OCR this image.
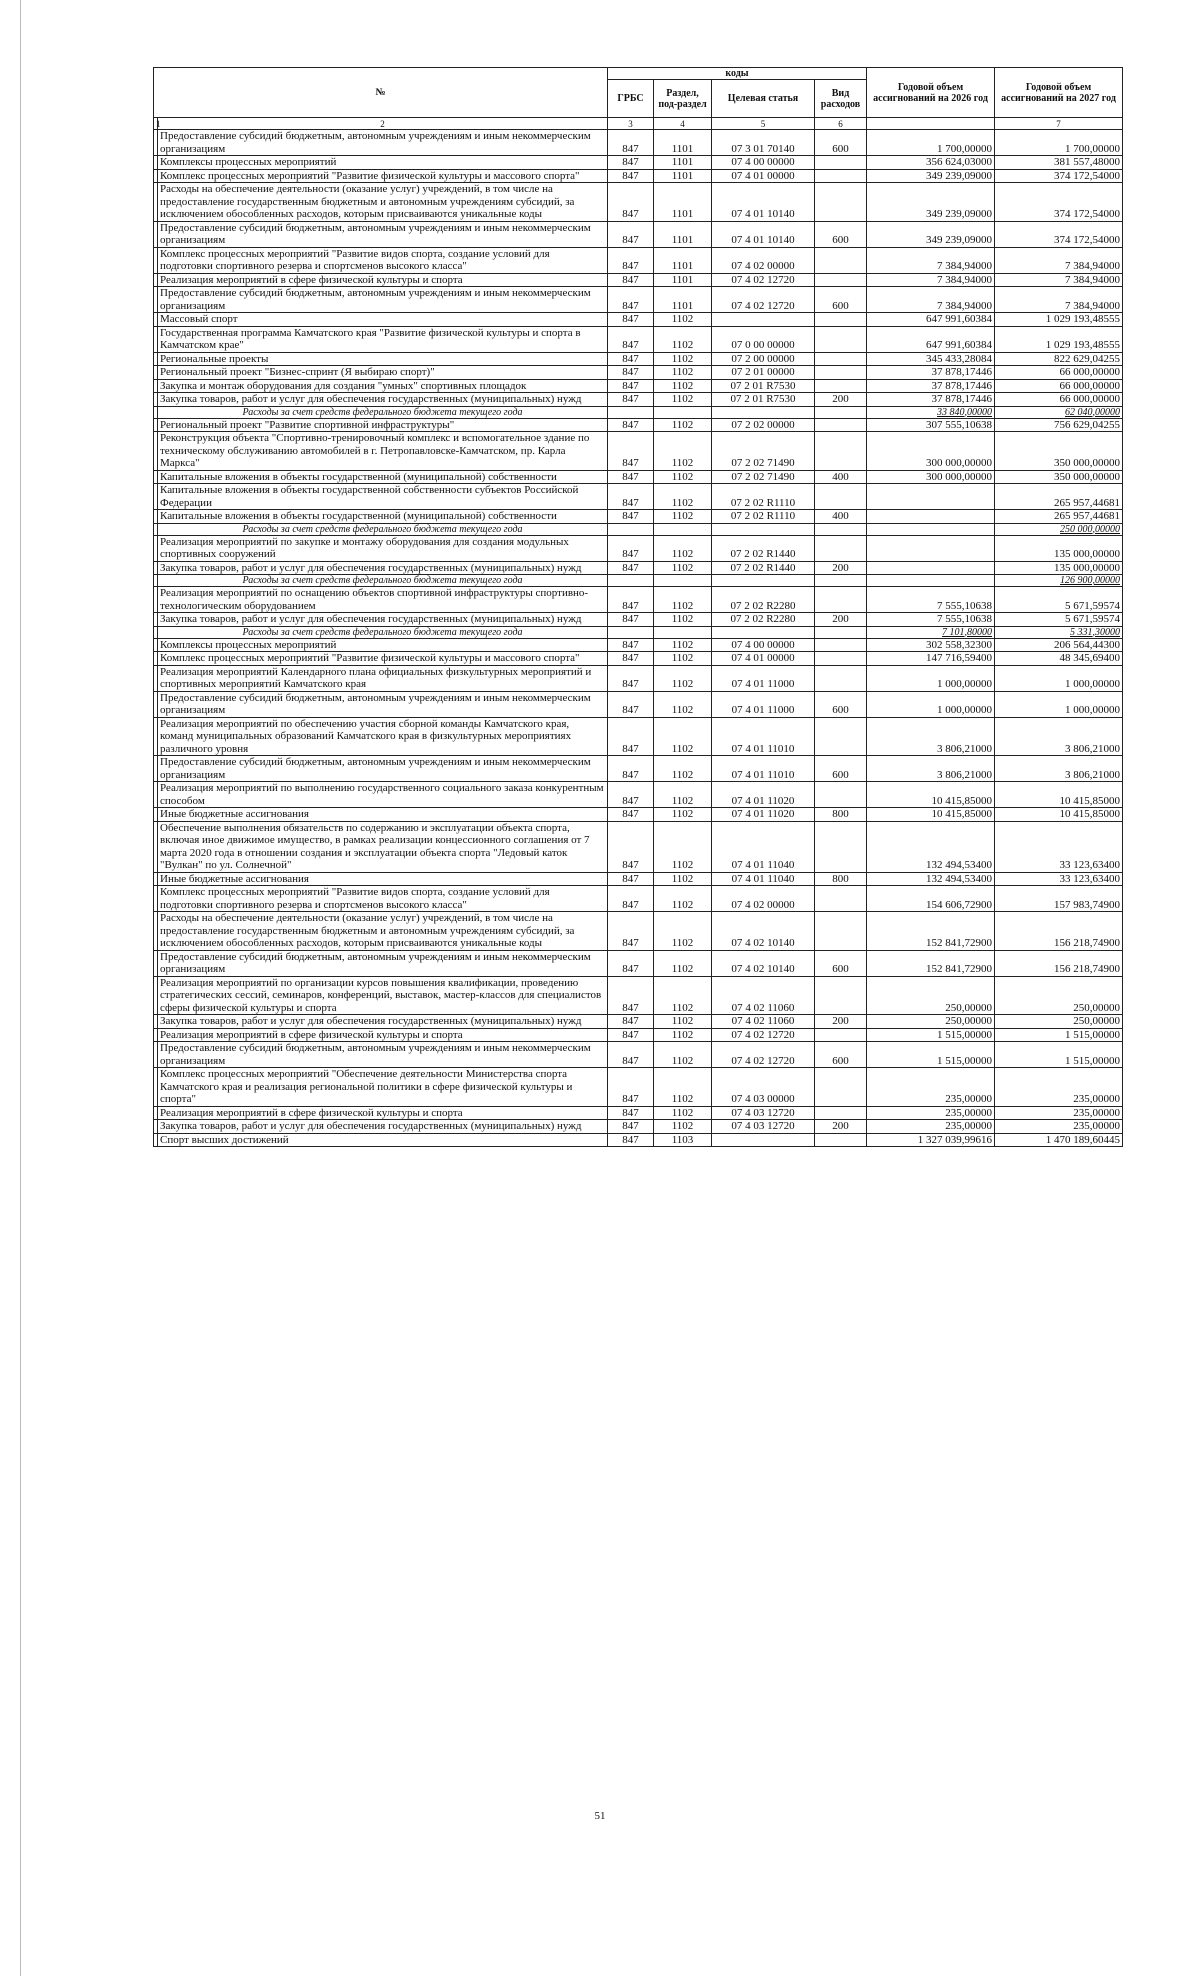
№		коды				Годовой объем ассигнований на 2026 год	Годовой объем ассигнований на 2027 год
		ГРБС	Раздел, под-раздел	Целевая статья	Вид расходов		
1	2	3	4	5	6		7
	Предоставление субсидий бюджетным, автономным учреждениям и иным некоммерческим организациям	847	1101	07 3 01 70140	600	1 700,00000	1 700,00000
	Комплексы процессных мероприятий	847	1101	07 4 00 00000		356 624,03000	381 557,48000
	Комплекс процессных мероприятий "Развитие физической культуры и массового спорта"	847	1101	07 4 01 00000		349 239,09000	374 172,54000
	Расходы на обеспечение деятельности (оказание услуг) учреждений, в том числе на предоставление государственным бюджетным и автономным учреждениям субсидий, за исключением обособленных расходов, которым присваиваются уникальные коды	847	1101	07 4 01 10140		349 239,09000	374 172,54000
	Предоставление субсидий бюджетным, автономным учреждениям и иным некоммерческим организациям	847	1101	07 4 01 10140	600	349 239,09000	374 172,54000
	Комплекс процессных мероприятий "Развитие видов спорта, создание условий для подготовки спортивного резерва и спортсменов высокого класса"	847	1101	07 4 02 00000		7 384,94000	7 384,94000
	Реализация мероприятий в сфере физической культуры и спорта	847	1101	07 4 02 12720		7 384,94000	7 384,94000
	Предоставление субсидий бюджетным, автономным учреждениям и иным некоммерческим организациям	847	1101	07 4 02 12720	600	7 384,94000	7 384,94000
	Массовый спорт	847	1102			647 991,60384	1 029 193,48555
	Государственная программа Камчатского края "Развитие физической культуры и спорта в Камчатском крае"	847	1102	07 0 00 00000		647 991,60384	1 029 193,48555
	Региональные проекты	847	1102	07 2 00 00000		345 433,28084	822 629,04255
	Региональный проект "Бизнес-спринт (Я выбираю спорт)"	847	1102	07 2 01 00000		37 878,17446	66 000,00000
	Закупка и монтаж оборудования для создания "умных" спортивных площадок	847	1102	07 2 01 R7530		37 878,17446	66 000,00000
	Закупка товаров, работ и услуг для обеспечения государственных (муниципальных) нужд	847	1102	07 2 01 R7530	200	37 878,17446	66 000,00000
	Расходы за счет средств федерального бюджета текущего года					33 840,00000	62 040,00000
	Региональный проект "Развитие спортивной инфраструктуры"	847	1102	07 2 02 00000		307 555,10638	756 629,04255
	Реконструкция объекта "Спортивно-тренировочный комплекс и вспомогательное здание по техническому обслуживанию автомобилей в г. Петропавловске-Камчатском, пр. Карла Маркса"	847	1102	07 2 02 71490		300 000,00000	350 000,00000
	Капитальные вложения в объекты государственной (муниципальной) собственности	847	1102	07 2 02 71490	400	300 000,00000	350 000,00000
	Капитальные вложения в объекты государственной собственности субъектов Российской Федерации	847	1102	07 2 02 R1110			265 957,44681
	Капитальные вложения в объекты государственной (муниципальной) собственности	847	1102	07 2 02 R1110	400		265 957,44681
	Расходы за счет средств федерального бюджета текущего года						250 000,00000
	Реализация мероприятий по закупке и монтажу оборудования для создания модульных спортивных сооружений	847	1102	07 2 02 R1440			135 000,00000
	Закупка товаров, работ и услуг для обеспечения государственных (муниципальных) нужд	847	1102	07 2 02 R1440	200		135 000,00000
	Расходы за счет средств федерального бюджета текущего года						126 900,00000
	Реализация мероприятий по оснащению объектов спортивной инфраструктуры спортивно-технологическим оборудованием	847	1102	07 2 02 R2280		7 555,10638	5 671,59574
	Закупка товаров, работ и услуг для обеспечения государственных (муниципальных) нужд	847	1102	07 2 02 R2280	200	7 555,10638	5 671,59574
	Расходы за счет средств федерального бюджета текущего года					7 101,80000	5 331,30000
	Комплексы процессных мероприятий	847	1102	07 4 00 00000		302 558,32300	206 564,44300
	Комплекс процессных мероприятий "Развитие физической культуры и массового спорта"	847	1102	07 4 01 00000		147 716,59400	48 345,69400
	Реализация мероприятий Календарного плана официальных физкультурных мероприятий и спортивных мероприятий Камчатского края	847	1102	07 4 01 11000		1 000,00000	1 000,00000
	Предоставление субсидий бюджетным, автономным учреждениям и иным некоммерческим организациям	847	1102	07 4 01 11000	600	1 000,00000	1 000,00000
	Реализация мероприятий по обеспечению участия сборной команды Камчатского края, команд муниципальных образований Камчатского края в физкультурных мероприятиях различного уровня	847	1102	07 4 01 11010		3 806,21000	3 806,21000
	Предоставление субсидий бюджетным, автономным учреждениям и иным некоммерческим организациям	847	1102	07 4 01 11010	600	3 806,21000	3 806,21000
	Реализация мероприятий по выполнению государственного социального заказа конкурентным способом	847	1102	07 4 01 11020		10 415,85000	10 415,85000
	Иные бюджетные ассигнования	847	1102	07 4 01 11020	800	10 415,85000	10 415,85000
	Обеспечение выполнения обязательств по содержанию и эксплуатации объекта спорта, включая иное движимое имущество, в рамках реализации концессионного соглашения от 7 марта 2020 года в отношении создания и эксплуатации объекта спорта "Ледовый каток "Вулкан" по ул. Солнечной"	847	1102	07 4 01 11040		132 494,53400	33 123,63400
	Иные бюджетные ассигнования	847	1102	07 4 01 11040	800	132 494,53400	33 123,63400
	Комплекс процессных мероприятий "Развитие видов спорта, создание условий для подготовки спортивного резерва и спортсменов высокого класса"	847	1102	07 4 02 00000		154 606,72900	157 983,74900
	Расходы на обеспечение деятельности (оказание услуг) учреждений, в том числе на предоставление государственным бюджетным и автономным учреждениям субсидий, за исключением обособленных расходов, которым присваиваются уникальные коды	847	1102	07 4 02 10140		152 841,72900	156 218,74900
	Предоставление субсидий бюджетным, автономным учреждениям и иным некоммерческим организациям	847	1102	07 4 02 10140	600	152 841,72900	156 218,74900
	Реализация мероприятий по организации курсов повышения квалификации, проведению стратегических сессий, семинаров, конференций, выставок, мастер-классов для специалистов сферы физической культуры и спорта	847	1102	07 4 02 11060		250,00000	250,00000
	Закупка товаров, работ и услуг для обеспечения государственных (муниципальных) нужд	847	1102	07 4 02 11060	200	250,00000	250,00000
	Реализация мероприятий в сфере физической культуры и спорта	847	1102	07 4 02 12720		1 515,00000	1 515,00000
	Предоставление субсидий бюджетным, автономным учреждениям и иным некоммерческим организациям	847	1102	07 4 02 12720	600	1 515,00000	1 515,00000
	Комплекс процессных мероприятий "Обеспечение деятельности Министерства спорта Камчатского края и реализация региональной политики в сфере физической культуры и спорта"	847	1102	07 4 03 00000		235,00000	235,00000
	Реализация мероприятий в сфере физической культуры и спорта	847	1102	07 4 03 12720		235,00000	235,00000
	Закупка товаров, работ и услуг для обеспечения государственных (муниципальных) нужд	847	1102	07 4 03 12720	200	235,00000	235,00000
	Спорт высших достижений	847	1103			1 327 039,99616	1 470 189,60445
51
